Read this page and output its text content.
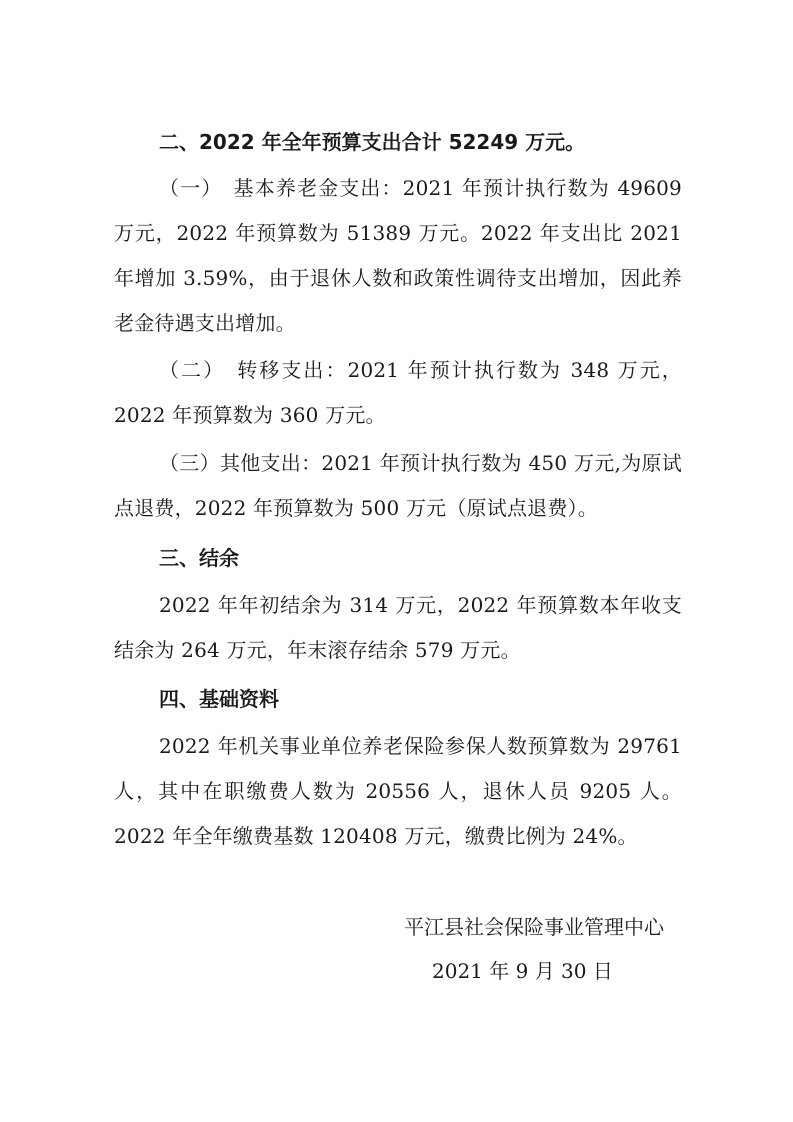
二、2022 年全年预算支出合计 52249 万元。

（一）　基本养老金支出：2021 年预计执行数为 49609 万元，2022 年预算数为 51389 万元。2022 年支出比 2021 年增加 3.59%，由于退休人数和政策性调待支出增加，因此养老金待遇支出增加。

（二）　转移支出：2021 年预计执行数为 348 万元，2022 年预算数为 360 万元。

（三）其他支出：2021 年预计执行数为 450 万元,为原试点退费，2022 年预算数为 500 万元（原试点退费）。

三、结余

2022 年年初结余为 314 万元，2022 年预算数本年收支结余为 264 万元，年末滚存结余 579 万元。

四、基础资料

2022 年机关事业单位养老保险参保人数预算数为 29761 人，其中在职缴费人数为 20556 人，退休人员 9205 人。2022 年全年缴费基数 120408 万元，缴费比例为 24%。

平江县社会保险事业管理中心

2021 年 9 月 30 日
